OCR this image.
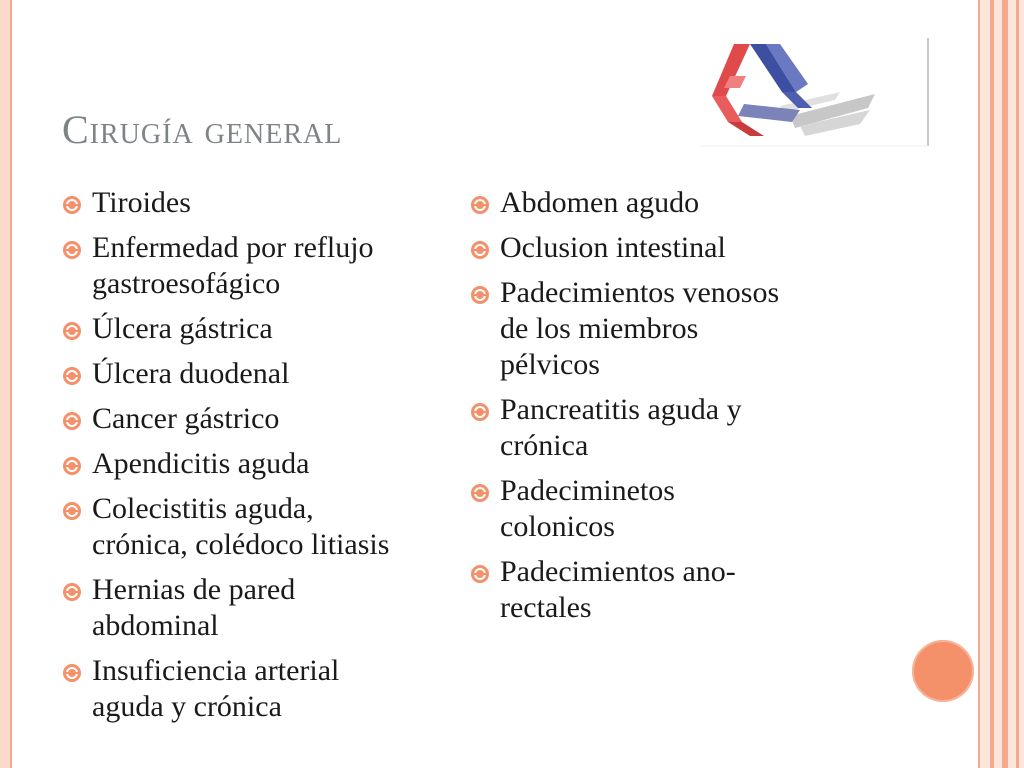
Cirugía general
Tiroides
Enfermedad por reflujo
gastroesofágico
Úlcera gástrica
Úlcera duodenal
Cancer gástrico
Apendicitis aguda
Colecistitis aguda,
crónica, colédoco litiasis
Hernias de pared
abdominal
Insuficiencia arterial
aguda y crónica
Abdomen agudo
Oclusion intestinal
Padecimientos venosos
de los miembros
pélvicos
Pancreatitis aguda y
crónica
Padeciminetos
colonicos
Padecimientos ano-
rectales
